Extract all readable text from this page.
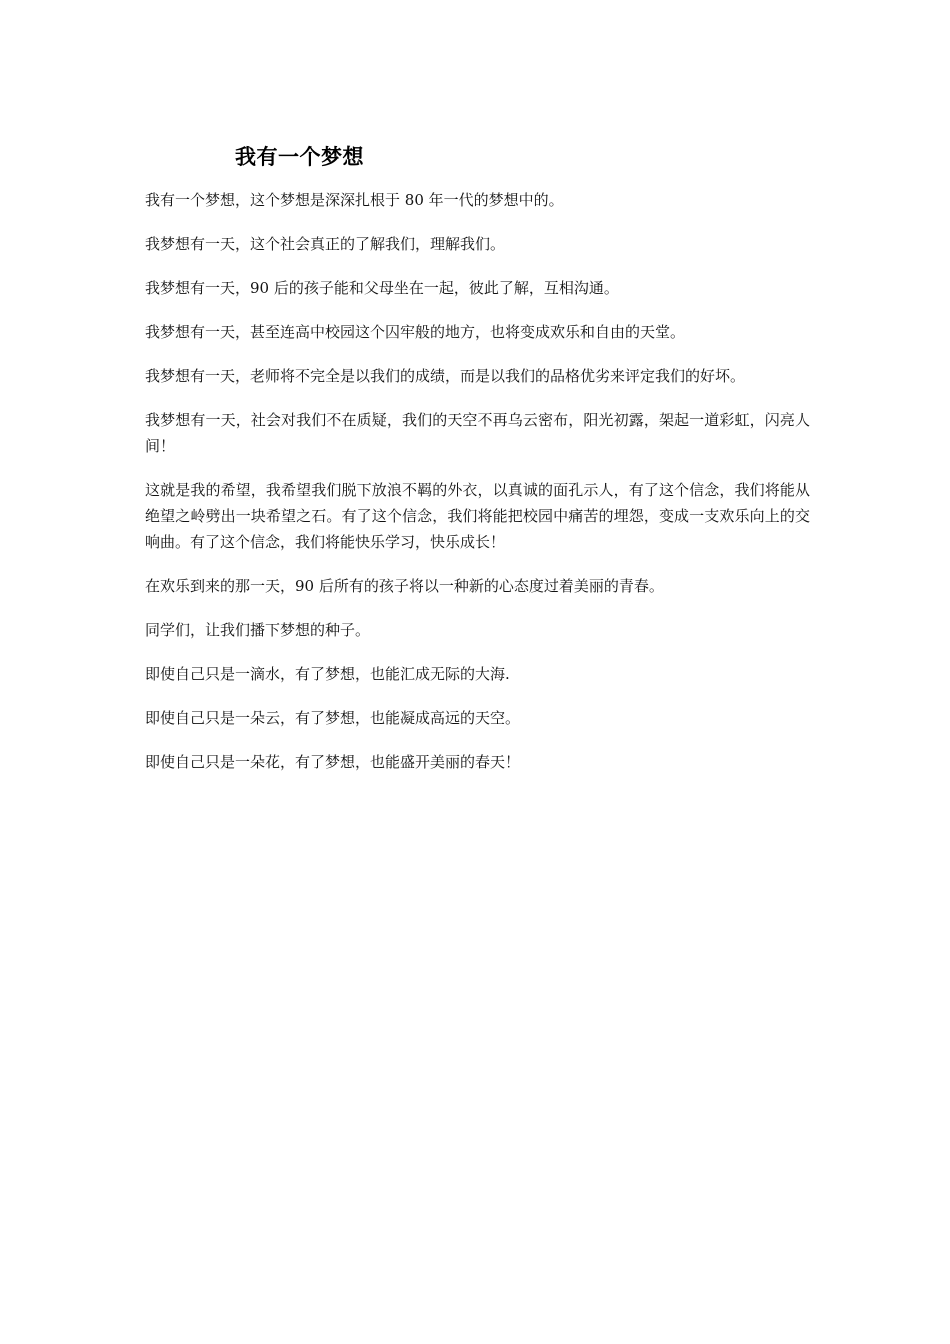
我有一个梦想

我有一个梦想，这个梦想是深深扎根于 80 年一代的梦想中的。

我梦想有一天，这个社会真正的了解我们，理解我们。

我梦想有一天，90 后的孩子能和父母坐在一起，彼此了解，互相沟通。

我梦想有一天，甚至连高中校园这个囚牢般的地方，也将变成欢乐和自由的天堂。

我梦想有一天，老师将不完全是以我们的成绩，而是以我们的品格优劣来评定我们的好坏。

我梦想有一天，社会对我们不在质疑，我们的天空不再乌云密布，阳光初露，架起一道彩虹，闪亮人间！

这就是我的希望，我希望我们脱下放浪不羁的外衣，以真诚的面孔示人，有了这个信念，我们将能从绝望之岭劈出一块希望之石。有了这个信念，我们将能把校园中痛苦的埋怨，变成一支欢乐向上的交响曲。有了这个信念，我们将能快乐学习，快乐成长！

在欢乐到来的那一天，90 后所有的孩子将以一种新的心态度过着美丽的青春。

同学们，让我们播下梦想的种子。

即使自己只是一滴水，有了梦想，也能汇成无际的大海.

即使自己只是一朵云，有了梦想，也能凝成高远的天空。

即使自己只是一朵花，有了梦想，也能盛开美丽的春天！
